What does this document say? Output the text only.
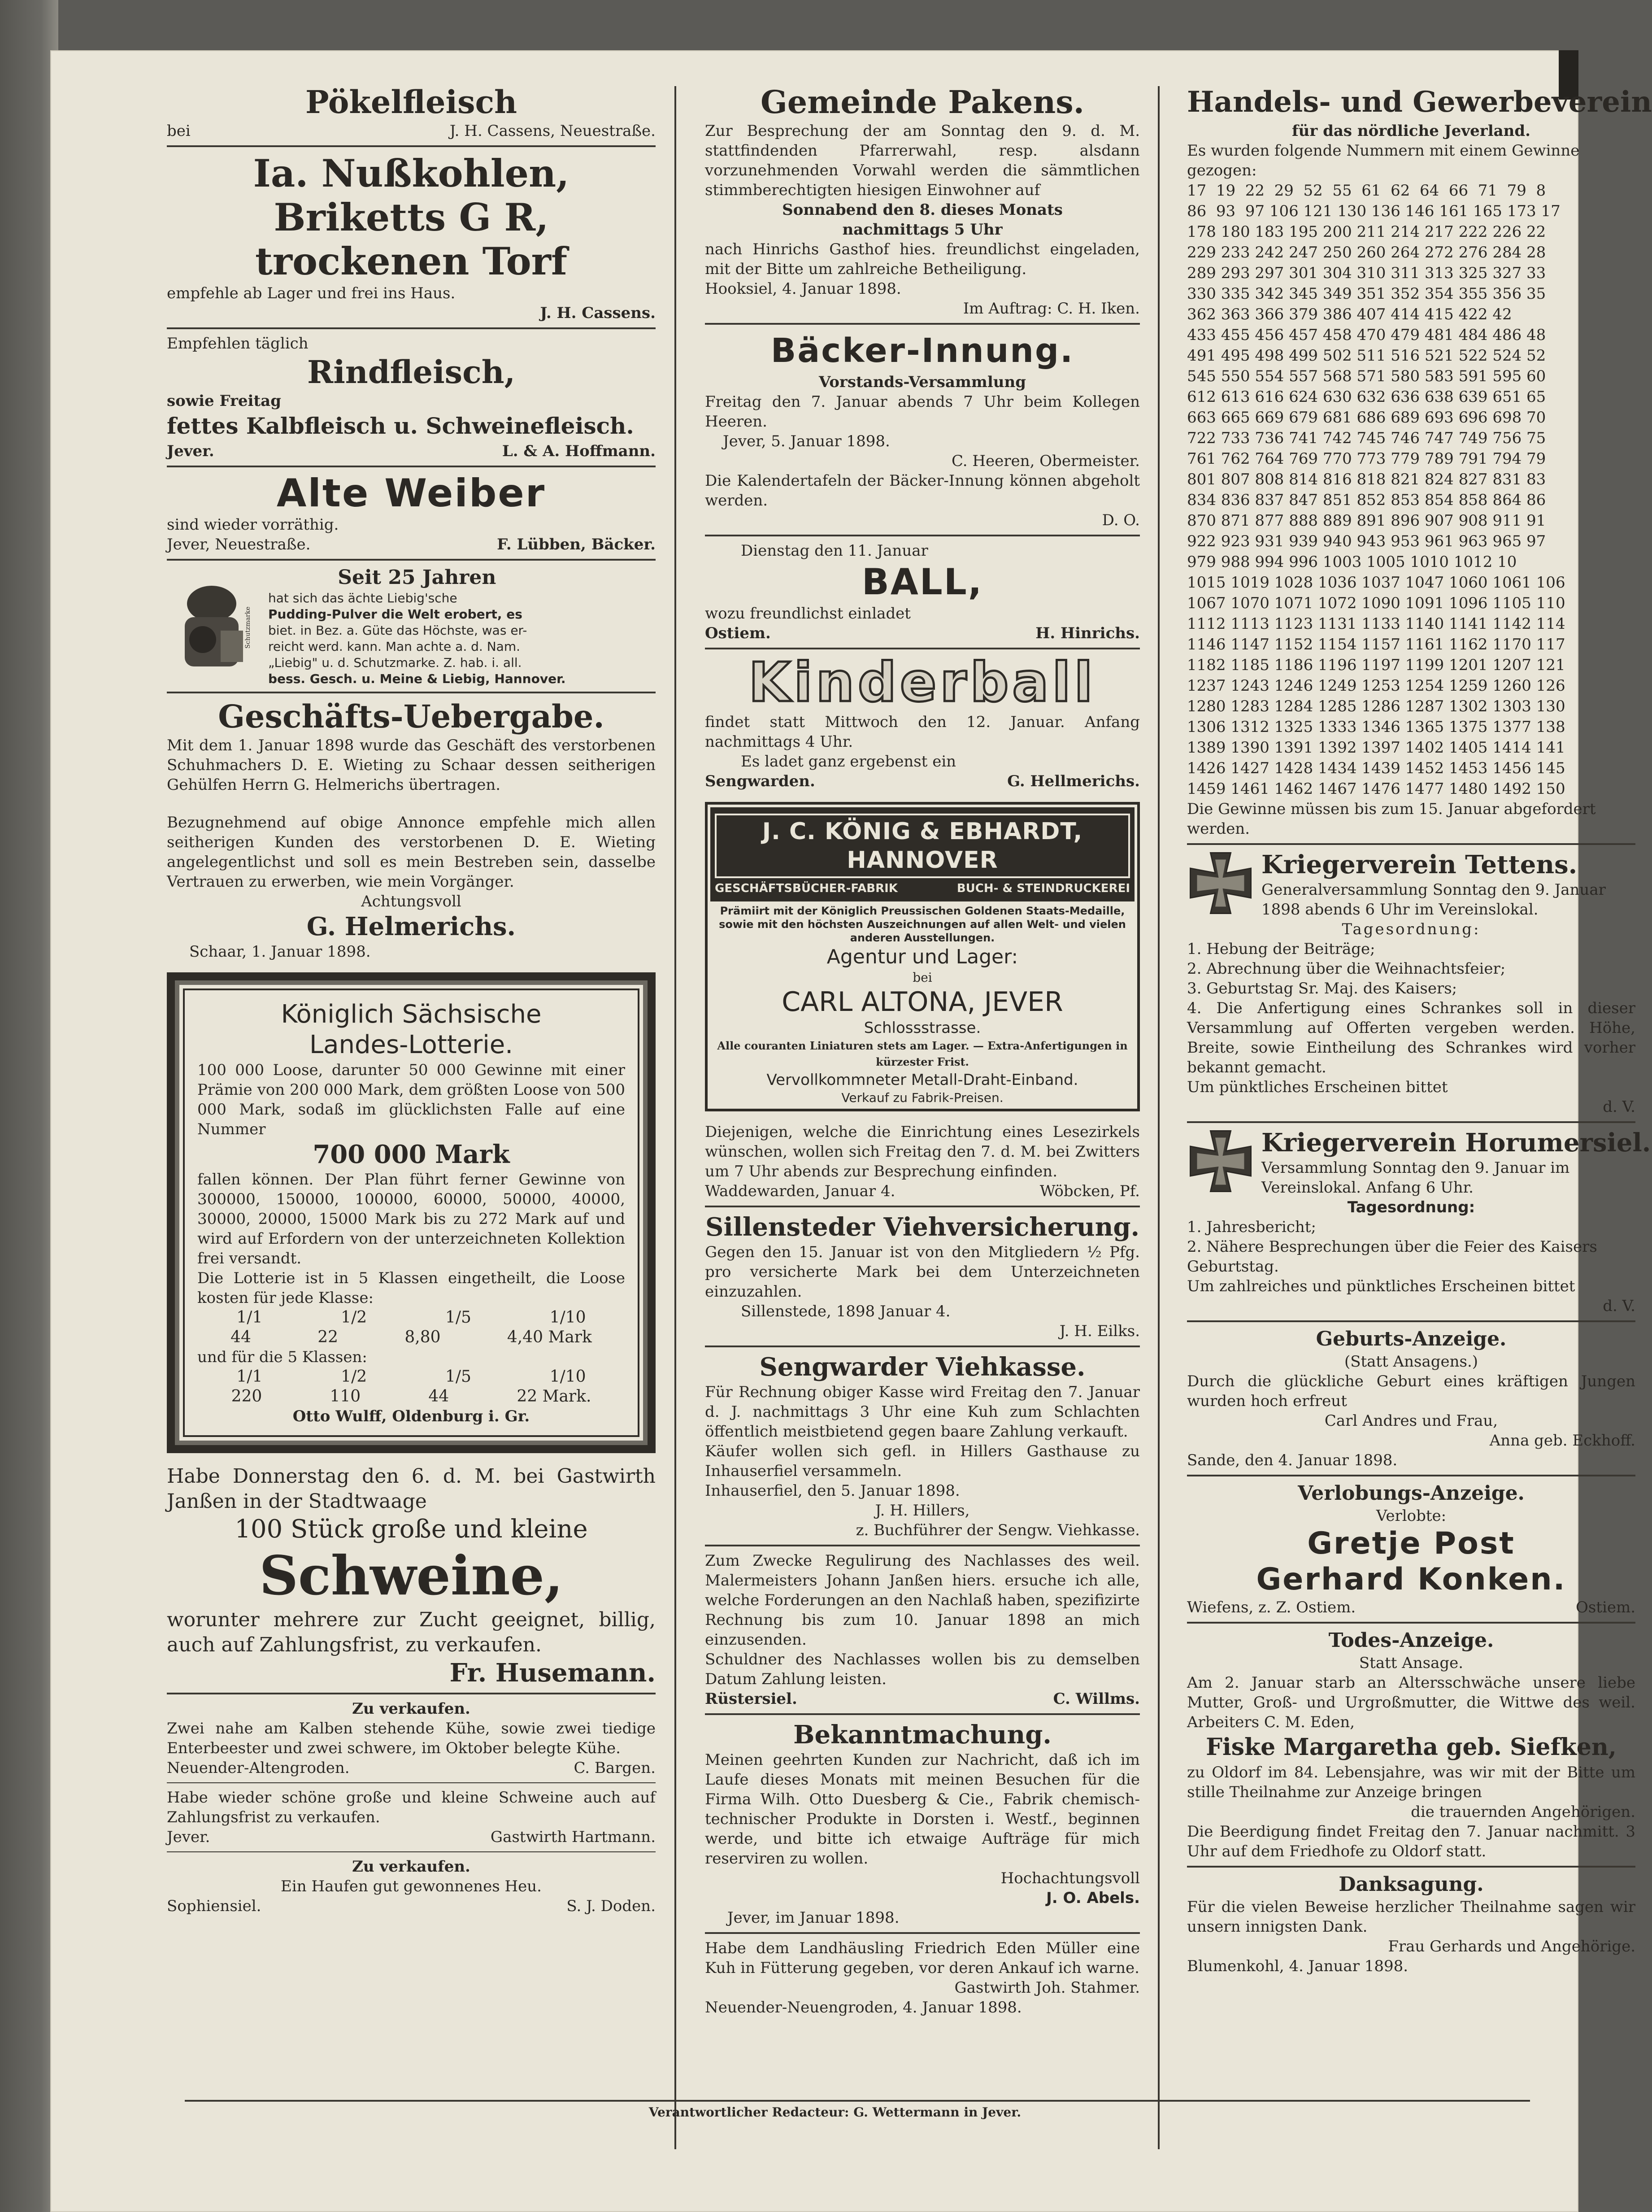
Pökelfleisch
bei	J. H. Cassens, Neuestraße.
Ia. Nußkohlen,
Briketts G R,
trockenen Torf
empfehle ab Lager und frei ins Haus.
J. H. Cassens.
Empfehlen täglich
Rindfleisch,
sowie Freitag
fettes Kalbfleisch u. Schweinefleisch.
Jever.	L. & A. Hoffmann.
Alte Weiber
sind wieder vorräthig.
Jever, Neuestraße.	F. Lübben, Bäcker.
Schutzmarke
Seit 25 Jahren
hat sich das ächte Liebig'sche
Pudding-Pulver die Welt erobert, es
biet. in Bez. a. Güte das Höchste, was er-
reicht werd. kann. Man achte a. d. Nam.
„Liebig" u. d. Schutzmarke. Z. hab. i. all.
bess. Gesch. u. Meine & Liebig, Hannover.
Geschäfts-Uebergabe.
Mit dem 1. Januar 1898 wurde das Geschäft des verstorbenen Schuhmachers D. E. Wieting zu Schaar dessen seitherigen Gehülfen Herrn G. Helmerichs übertragen.
Bezugnehmend auf obige Annonce empfehle mich allen seitherigen Kunden des verstorbenen D. E. Wieting angelegentlichst und soll es mein Bestreben sein, dasselbe Vertrauen zu erwerben, wie mein Vorgänger.
Achtungsvoll
G. Helmerichs.
Schaar, 1. Januar 1898.
Königlich Sächsische
Landes-Lotterie.
100 000 Loose, darunter 50 000 Gewinne mit einer Prämie von 200 000 Mark, dem größten Loose von 500 000 Mark, sodaß im glücklichsten Falle auf eine Nummer
700 000 Mark
fallen können. Der Plan führt ferner Gewinne von 300000, 150000, 100000, 60000, 50000, 40000, 30000, 20000, 15000 Mark bis zu 272 Mark auf und wird auf Erfordern von der unterzeichneten Kollektion frei versandt.
Die Lotterie ist in 5 Klassen eingetheilt, die Loose kosten für jede Klasse:
1/1	1/2	1/5	1/10
44	22	8,80	4,40 Mark
und für die 5 Klassen:
1/1	1/2	1/5	1/10
220	110	44	22 Mark.
Otto Wulff, Oldenburg i. Gr.
Habe Donnerstag den 6. d. M. bei Gastwirth Janßen in der Stadtwaage
100 Stück große und kleine
Schweine,
worunter mehrere zur Zucht geeignet, billig, auch auf Zahlungsfrist, zu verkaufen.
Fr. Husemann.
Zu verkaufen.
Zwei nahe am Kalben stehende Kühe, sowie zwei tiedige Enterbeester und zwei schwere, im Oktober belegte Kühe.
Neuender-Altengroden.	C. Bargen.
Habe wieder schöne große und kleine Schweine auch auf Zahlungsfrist zu verkaufen.
Jever.	Gastwirth Hartmann.
Zu verkaufen.
Ein Haufen gut gewonnenes Heu.
Sophiensiel.	S. J. Doden.
Gemeinde Pakens.
Zur Besprechung der am Sonntag den 9. d. M. stattfindenden Pfarrerwahl, resp. alsdann vorzunehmenden Vorwahl werden die sämmtlichen stimmberechtigten hiesigen Einwohner auf
Sonnabend den 8. dieses Monats
nachmittags 5 Uhr
nach Hinrichs Gasthof hies. freundlichst eingeladen, mit der Bitte um zahlreiche Betheiligung.
Hooksiel, 4. Januar 1898.
Im Auftrag: C. H. Iken.
Bäcker-Innung.
Vorstands-Versammlung
Freitag den 7. Januar abends 7 Uhr beim Kollegen Heeren.
Jever, 5. Januar 1898.
C. Heeren, Obermeister.
Die Kalendertafeln der Bäcker-Innung können abgeholt werden.
D. O.
Dienstag den 11. Januar
BALL,
wozu freundlichst einladet
Ostiem.	H. Hinrichs.
Kinderball
findet statt Mittwoch den 12. Januar. Anfang nachmittags 4 Uhr.
Es ladet ganz ergebenst ein
Sengwarden.	G. Hellmerichs.
J. C. KÖNIG & EBHARDT, HANNOVER
GESCHÄFTSBÜCHER-FABRIK	BUCH- & STEINDRUCKEREI
Prämiirt mit der Königlich Preussischen Goldenen Staats-Medaille, sowie mit den höchsten Auszeichnungen auf allen Welt- und vielen anderen Ausstellungen.
Agentur und Lager:
bei
CARL ALTONA, JEVER
Schlossstrasse.
Alle couranten Liniaturen stets am Lager. — Extra-Anfertigungen in kürzester Frist.
Vervollkommneter Metall-Draht-Einband.
Verkauf zu Fabrik-Preisen.
Diejenigen, welche die Einrichtung eines Lesezirkels wünschen, wollen sich Freitag den 7. d. M. bei Zwitters um 7 Uhr abends zur Besprechung einfinden.
Waddewarden, Januar 4.	Wöbcken, Pf.
Sillensteder Viehversicherung.
Gegen den 15. Januar ist von den Mitgliedern ½ Pfg. pro versicherte Mark bei dem Unterzeichneten einzuzahlen.
Sillenstede, 1898 Januar 4.
J. H. Eilks.
Sengwarder Viehkasse.
Für Rechnung obiger Kasse wird Freitag den 7. Januar d. J. nachmittags 3 Uhr eine Kuh zum Schlachten öffentlich meistbietend gegen baare Zahlung verkauft.
Käufer wollen sich gefl. in Hillers Gasthause zu Inhauserfiel versammeln.
Inhauserfiel, den 5. Januar 1898.
J. H. Hillers,
z. Buchführer der Sengw. Viehkasse.
Zum Zwecke Regulirung des Nachlasses des weil. Malermeisters Johann Janßen hiers. ersuche ich alle, welche Forderungen an den Nachlaß haben, spezifizirte Rechnung bis zum 10. Januar 1898 an mich einzusenden.
Schuldner des Nachlasses wollen bis zu demselben Datum Zahlung leisten.
Rüstersiel.	C. Willms.
Bekanntmachung.
Meinen geehrten Kunden zur Nachricht, daß ich im Laufe dieses Monats mit meinen Besuchen für die Firma Wilh. Otto Duesberg & Cie., Fabrik chemisch-technischer Produkte in Dorsten i. Westf., beginnen werde, und bitte ich etwaige Aufträge für mich reserviren zu wollen.
Hochachtungsvoll
J. O. Abels.
Jever, im Januar 1898.
Habe dem Landhäusling Friedrich Eden Müller eine Kuh in Fütterung gegeben, vor deren Ankauf ich warne.
Gastwirth Joh. Stahmer.
Neuender-Neuengroden, 4. Januar 1898.
Handels- und Gewerbeverein
für das nördliche Jeverland.
Es wurden folgende Nummern mit einem Gewinne gezogen:
17  19  22  29  52  55  61  62  64  66  71  79  8
86  93  97 106 121 130 136 146 161 165 173 17
178 180 183 195 200 211 214 217 222 226 22
229 233 242 247 250 260 264 272 276 284 28
289 293 297 301 304 310 311 313 325 327 33
330 335 342 345 349 351 352 354 355 356 35
362 363 366 379 386 407 414 415 422 42
433 455 456 457 458 470 479 481 484 486 48
491 495 498 499 502 511 516 521 522 524 52
545 550 554 557 568 571 580 583 591 595 60
612 613 616 624 630 632 636 638 639 651 65
663 665 669 679 681 686 689 693 696 698 70
722 733 736 741 742 745 746 747 749 756 75
761 762 764 769 770 773 779 789 791 794 79
801 807 808 814 816 818 821 824 827 831 83
834 836 837 847 851 852 853 854 858 864 86
870 871 877 888 889 891 896 907 908 911 91
922 923 931 939 940 943 953 961 963 965 97
979 988 994 996 1003 1005 1010 1012 10
1015 1019 1028 1036 1037 1047 1060 1061 106
1067 1070 1071 1072 1090 1091 1096 1105 110
1112 1113 1123 1131 1133 1140 1141 1142 114
1146 1147 1152 1154 1157 1161 1162 1170 117
1182 1185 1186 1196 1197 1199 1201 1207 121
1237 1243 1246 1249 1253 1254 1259 1260 126
1280 1283 1284 1285 1286 1287 1302 1303 130
1306 1312 1325 1333 1346 1365 1375 1377 138
1389 1390 1391 1392 1397 1402 1405 1414 141
1426 1427 1428 1434 1439 1452 1453 1456 145
1459 1461 1462 1467 1476 1477 1480 1492 150
Die Gewinne müssen bis zum 15. Januar abgefordert werden.
Kriegerverein Tettens.
Generalversammlung Sonntag den 9. Januar 1898 abends 6 Uhr im Vereinslokal.
Tagesordnung:
1. Hebung der Beiträge;
2. Abrechnung über die Weihnachtsfeier;
3. Geburtstag Sr. Maj. des Kaisers;
4. Die Anfertigung eines Schrankes soll in dieser Versammlung auf Offerten vergeben werden. Höhe, Breite, sowie Eintheilung des Schrankes wird vorher bekannt gemacht.
Um pünktliches Erscheinen bittet
d. V.
Kriegerverein Horumersiel.
Versammlung Sonntag den 9. Januar im Vereinslokal. Anfang 6 Uhr.
Tagesordnung:
1. Jahresbericht;
2. Nähere Besprechungen über die Feier des Kaisers Geburtstag.
Um zahlreiches und pünktliches Erscheinen bittet
d. V.
Geburts-Anzeige.
(Statt Ansagens.)
Durch die glückliche Geburt eines kräftigen Jungen wurden hoch erfreut
Carl Andres und Frau,
Anna geb. Eckhoff.
Sande, den 4. Januar 1898.
Verlobungs-Anzeige.
Verlobte:
Gretje Post
Gerhard Konken.
Wiefens, z. Z. Ostiem.	Ostiem.
Todes-Anzeige.
Statt Ansage.
Am 2. Januar starb an Altersschwäche unsere liebe Mutter, Groß- und Urgroßmutter, die Wittwe des weil. Arbeiters C. M. Eden,
Fiske Margaretha geb. Siefken,
zu Oldorf im 84. Lebensjahre, was wir mit der Bitte um stille Theilnahme zur Anzeige bringen
die trauernden Angehörigen.
Die Beerdigung findet Freitag den 7. Januar nachmitt. 3 Uhr auf dem Friedhofe zu Oldorf statt.
Danksagung.
Für die vielen Beweise herzlicher Theilnahme sagen wir unsern innigsten Dank.
Frau Gerhards und Angehörige.
Blumenkohl, 4. Januar 1898.
Verantwortlicher Redacteur: G. Wettermann in Jever.
